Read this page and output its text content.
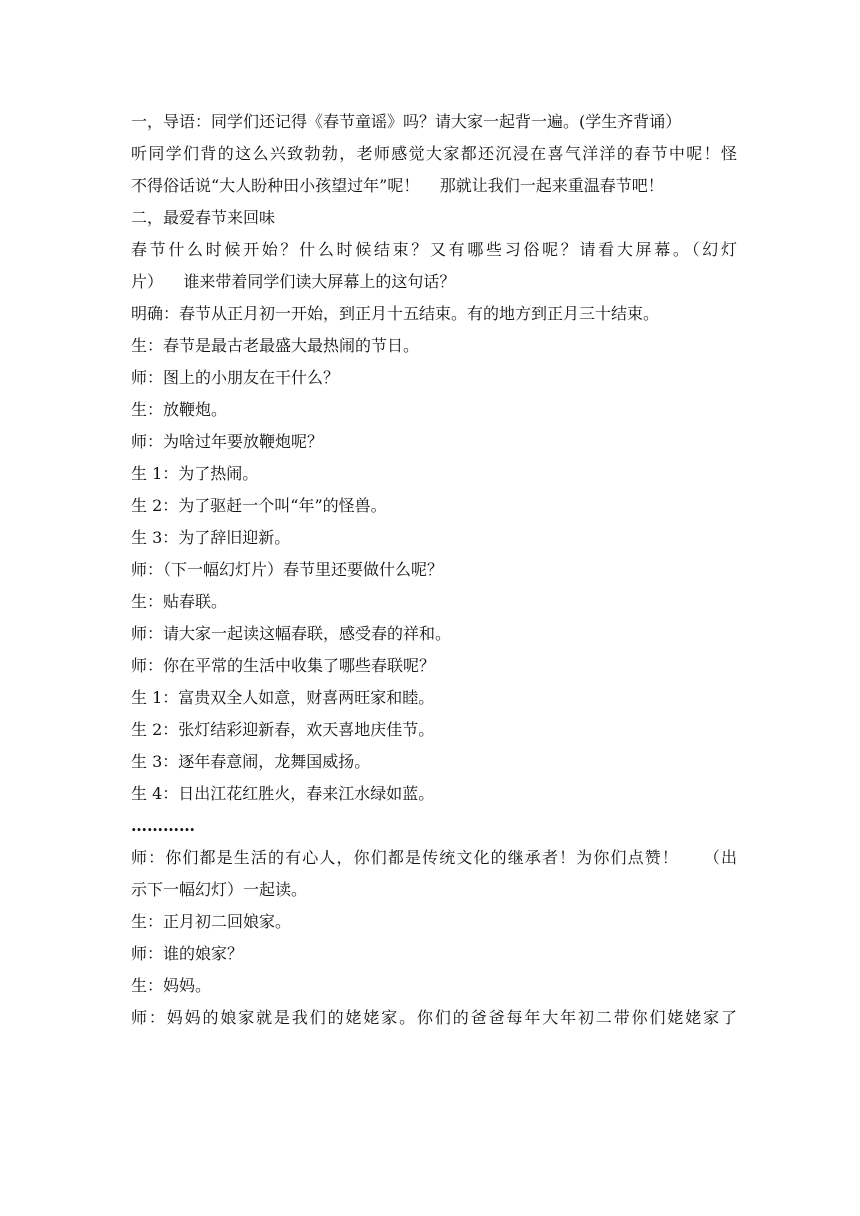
一，导语：同学们还记得《春节童谣》吗？请大家一起背一遍。(学生齐背诵）
听同学们背的这么兴致勃勃，老师感觉大家都还沉浸在喜气洋洋的春节中呢！怪
不得俗话说“大人盼种田小孩望过年”呢！    那就让我们一起来重温春节吧！
二，最爱春节来回味
春节什么时候开始？什么时候结束？又有哪些习俗呢？请看大屏幕。（幻灯
片）    谁来带着同学们读大屏幕上的这句话？
明确：春节从正月初一开始，到正月十五结束。有的地方到正月三十结束。
生：春节是最古老最盛大最热闹的节日。
师：图上的小朋友在干什么？
生：放鞭炮。
师：为啥过年要放鞭炮呢？
生 1：为了热闹。
生 2：为了驱赶一个叫“年”的怪兽。
生 3：为了辞旧迎新。
师：（下一幅幻灯片）春节里还要做什么呢？
生：贴春联。
师：请大家一起读这幅春联，感受春的祥和。
师：你在平常的生活中收集了哪些春联呢？
生 1：富贵双全人如意，财喜两旺家和睦。
生 2：张灯结彩迎新春，欢天喜地庆佳节。
生 3：逐年春意闹，龙舞国威扬。
生 4：日出江花红胜火，春来江水绿如蓝。
…………
师：你们都是生活的有心人，你们都是传统文化的继承者！为你们点赞！    （出
示下一幅幻灯）一起读。
生：正月初二回娘家。
师：谁的娘家？
生：妈妈。
师：妈妈的娘家就是我们的姥姥家。你们的爸爸每年大年初二带你们姥姥家了
